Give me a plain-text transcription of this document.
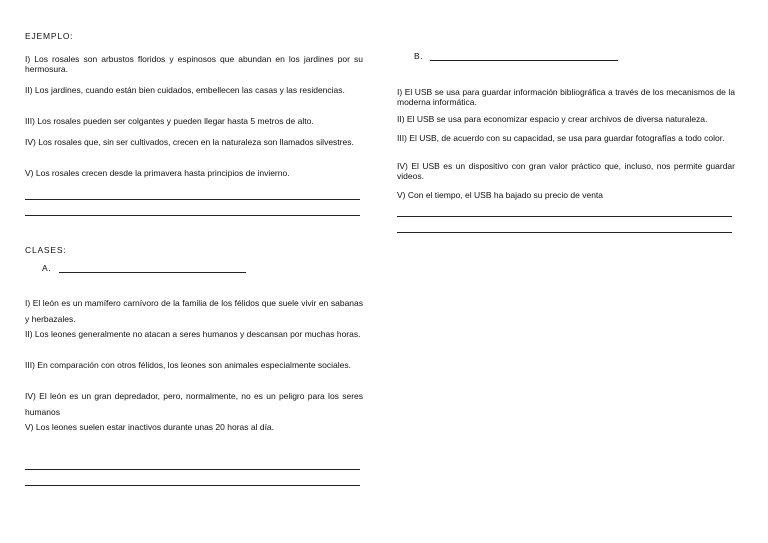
EJEMPLO:
I) Los rosales son arbustos floridos y espinosos que abundan en los jardines por su hermosura.
II) Los jardines, cuando están bien cuidados, embellecen las casas y las residencias.
III) Los rosales pueden ser colgantes y pueden llegar hasta 5 metros de alto.
IV) Los rosales que, sin ser cultivados, crecen en la naturaleza son llamados silvestres.
V) Los rosales crecen desde la primavera hasta principios de invierno.
CLASES:
A.
I) El león es un mamífero carnívoro de la familia de los félidos que suele vivir en sabanas y herbazales.
II) Los leones generalmente no atacan a seres humanos y descansan por muchas horas.
III) En comparación con otros félidos, los leones son animales especialmente sociales.
IV) El león es un gran depredador, pero, normalmente, no es un peligro para los seres humanos
V) Los leones suelen estar inactivos durante unas 20 horas al día.
B.
I) El USB se usa para guardar información bibliográfica a través de los mecanismos de la moderna informática.
II) El USB se usa para economizar espacio y crear archivos de diversa naturaleza.
III) El USB, de acuerdo con su capacidad, se usa para guardar fotografías a todo color.
IV) El USB es un dispositivo con gran valor práctico que, incluso, nos permite guardar videos.
V) Con el tiempo, el USB ha bajado su precio de venta
